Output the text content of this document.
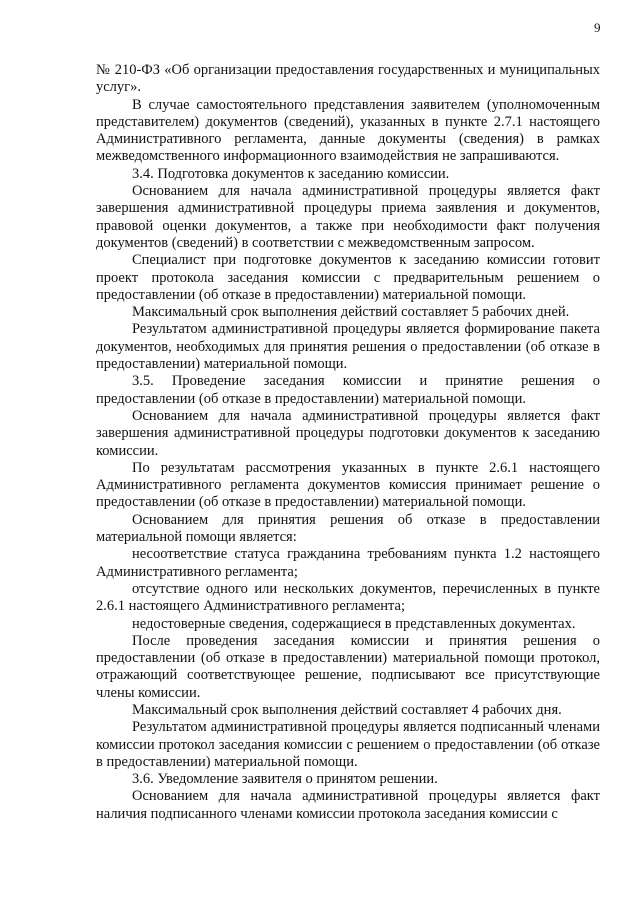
9

№ 210-ФЗ «Об организации предоставления государственных и муниципальных услуг».

В случае самостоятельного представления заявителем (уполномоченным представителем) документов (сведений), указанных в пункте 2.7.1 настоящего Административного регламента, данные документы (сведения) в рамках межведомственного информационного взаимодействия не запрашиваются.

3.4. Подготовка документов к заседанию комиссии.

Основанием для начала административной процедуры является факт завершения административной процедуры приема заявления и документов, правовой оценки документов, а также при необходимости факт получения документов (сведений) в соответствии с межведомственным запросом.

Специалист при подготовке документов к заседанию комиссии готовит проект протокола заседания комиссии с предварительным решением о предоставлении (об отказе в предоставлении) материальной помощи.

Максимальный срок выполнения действий составляет 5 рабочих дней.

Результатом административной процедуры является формирование пакета документов, необходимых для принятия решения о предоставлении (об отказе в предоставлении) материальной помощи.

3.5. Проведение заседания комиссии и принятие решения о предоставлении (об отказе в предоставлении) материальной помощи.

Основанием для начала административной процедуры является факт завершения административной процедуры подготовки документов к заседанию комиссии.

По результатам рассмотрения указанных в пункте 2.6.1 настоящего Административного регламента документов комиссия принимает решение о предоставлении (об отказе в предоставлении) материальной помощи.

Основанием для принятия решения об отказе в предоставлении материальной помощи является:

несоответствие статуса гражданина требованиям пункта 1.2 настоящего Административного регламента;

отсутствие одного или нескольких документов, перечисленных в пункте 2.6.1 настоящего Административного регламента;

недостоверные сведения, содержащиеся в представленных документах.

После проведения заседания комиссии и принятия решения о предоставлении (об отказе в предоставлении) материальной помощи протокол, отражающий соответствующее решение, подписывают все присутствующие члены комиссии.

Максимальный срок выполнения действий составляет 4 рабочих дня.

Результатом административной процедуры является подписанный членами комиссии протокол заседания комиссии с решением о предоставлении (об отказе в предоставлении) материальной помощи.

3.6. Уведомление заявителя о принятом решении.

Основанием для начала административной процедуры является факт наличия подписанного членами комиссии протокола заседания комиссии с
